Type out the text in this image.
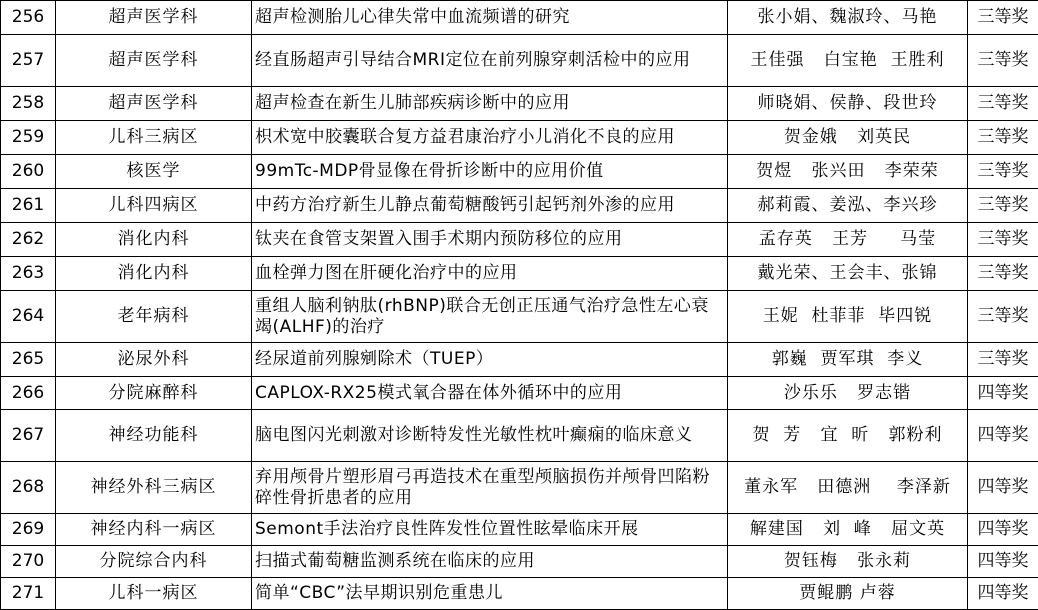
256	超声医学科	超声检测胎儿心律失常中血流频谱的研究	张小娟、魏淑玲、马艳	三等奖
257	超声医学科	经直肠超声引导结合MRI定位在前列腺穿刺活检中的应用	王佳强   白宝艳  王胜利	三等奖
258	超声医学科	超声检查在新生儿肺部疾病诊断中的应用	师晓娟、侯静、段世玲	三等奖
259	儿科三病区	枳术宽中胶囊联合复方益君康治疗小儿消化不良的应用	贺金娥   刘英民	三等奖
260	核医学	99mTc-MDP骨显像在骨折诊断中的应用价值	贺煜   张兴田   李荣荣	三等奖
261	儿科四病区	中药方治疗新生儿静点葡萄糖酸钙引起钙剂外渗的应用	郝莉霞、姜泓、李兴珍	三等奖
262	消化内科	钛夹在食管支架置入围手术期内预防移位的应用	孟存英   王芳     马莹	三等奖
263	消化内科	血栓弹力图在肝硬化治疗中的应用	戴光荣、王会丰、张锦	三等奖
264	老年病科	重组人脑利钠肽(rhBNP)联合无创正压通气治疗急性左心衰竭(ALHF)的治疗	王妮  杜菲菲  毕四锐	三等奖
265	泌尿外科	经尿道前列腺剜除术（TUEP）	郭巍  贾军琪  李义	三等奖
266	分院麻醉科	CAPLOX-RX25模式氧合器在体外循环中的应用	沙乐乐   罗志锴	四等奖
267	神经功能科	脑电图闪光刺激对诊断特发性光敏性枕叶癫痫的临床意义	贺  芳   宜  昕   郭粉利	四等奖
268	神经外科三病区	弃用颅骨片塑形眉弓再造技术在重型颅脑损伤并颅骨凹陷粉碎性骨折患者的应用	董永军   田德洲    李泽新	四等奖
269	神经内科一病区	Semont手法治疗良性阵发性位置性眩晕临床开展	解建国   刘  峰   屈文英	四等奖
270	分院综合内科	扫描式葡萄糖监测系统在临床的应用	贺钰梅   张永莉	四等奖
271	儿科一病区	简单“CBC”法早期识别危重患儿	贾鲲鹏 卢蓉	四等奖
